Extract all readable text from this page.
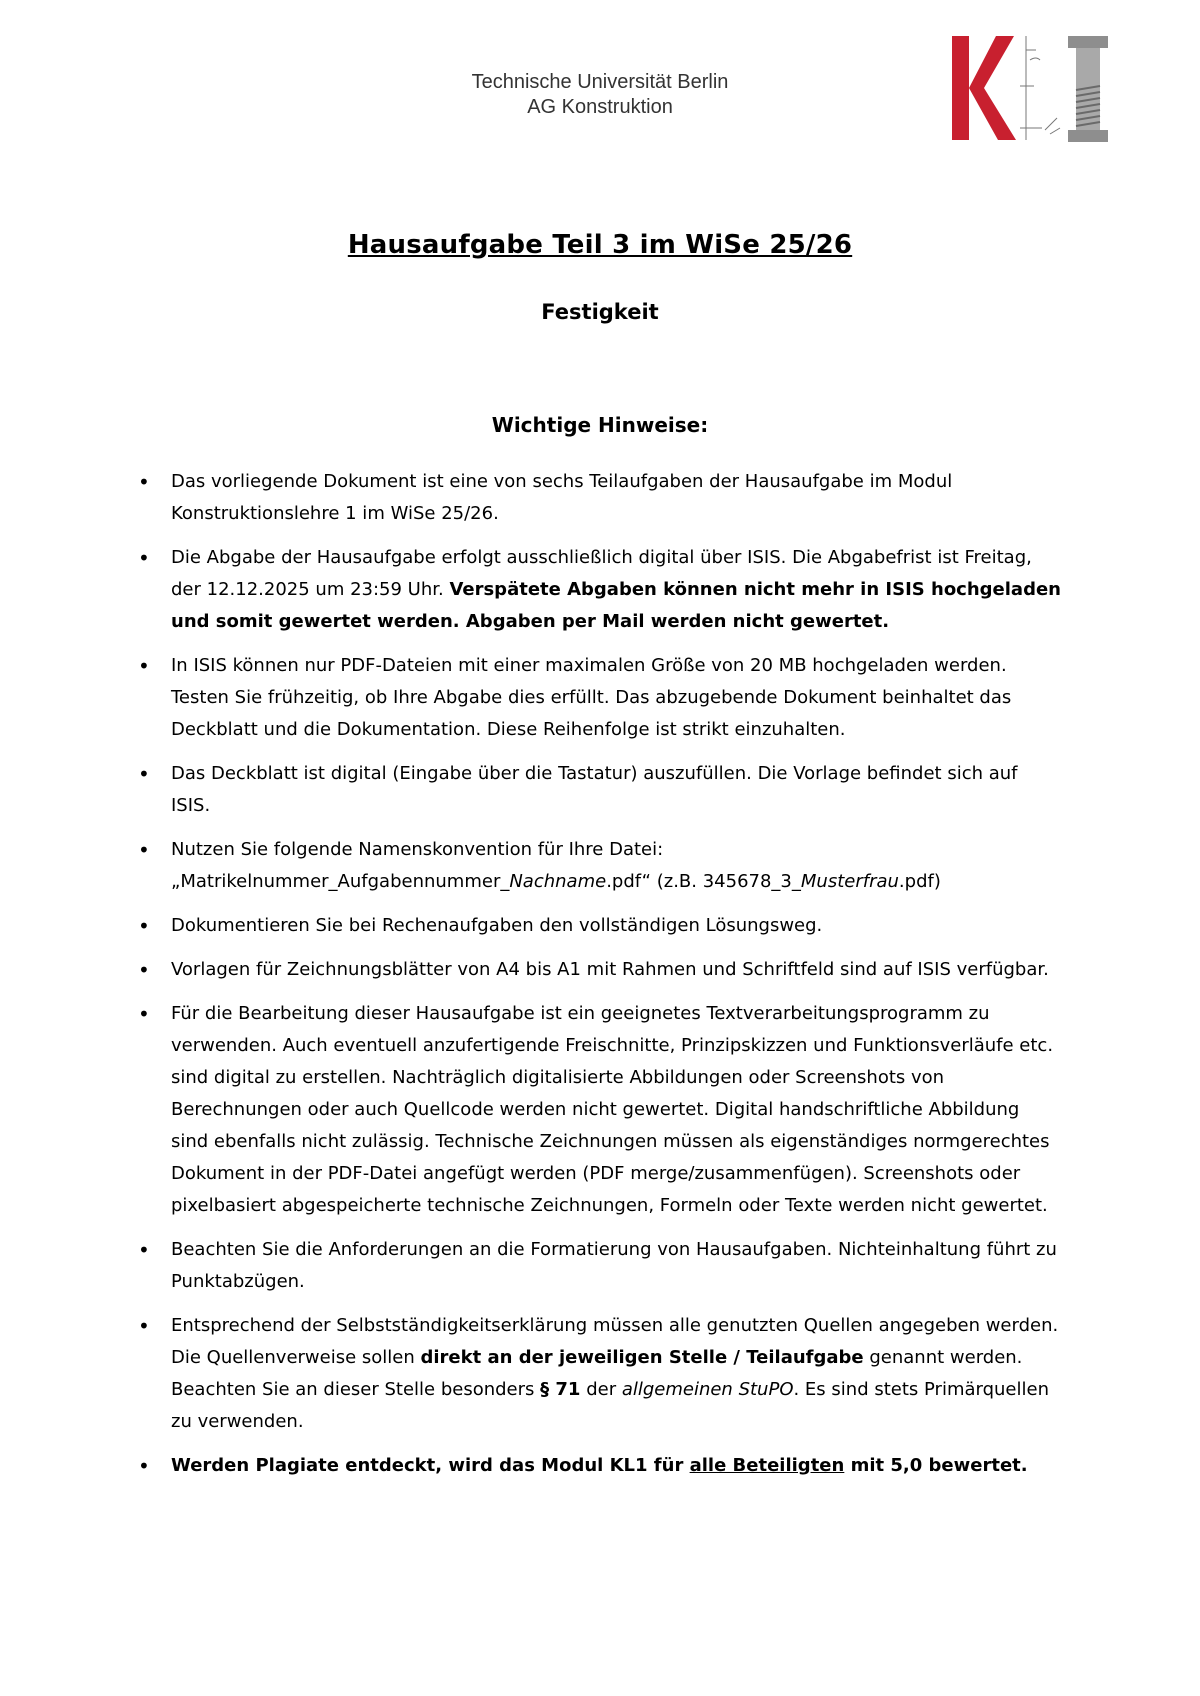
Technische Universität Berlin
AG Konstruktion
Hausaufgabe Teil 3 im WiSe 25/26
Festigkeit
Wichtige Hinweise:
• Das vorliegende Dokument ist eine von sechs Teilaufgaben der Hausaufgabe im Modul Konstruktionslehre 1 im WiSe 25/26.
• Die Abgabe der Hausaufgabe erfolgt ausschließlich digital über ISIS. Die Abgabefrist ist Freitag, der 12.12.2025 um 23:59 Uhr. Verspätete Abgaben können nicht mehr in ISIS hochgeladen und somit gewertet werden. Abgaben per Mail werden nicht gewertet.
• In ISIS können nur PDF-Dateien mit einer maximalen Größe von 20 MB hochgeladen werden. Testen Sie frühzeitig, ob Ihre Abgabe dies erfüllt. Das abzugebende Dokument beinhaltet das Deckblatt und die Dokumentation. Diese Reihenfolge ist strikt einzuhalten.
• Das Deckblatt ist digital (Eingabe über die Tastatur) auszufüllen. Die Vorlage befindet sich auf ISIS.
• Nutzen Sie folgende Namenskonvention für Ihre Datei:
„Matrikelnummer_Aufgabennummer_Nachname.pdf“ (z.B. 345678_3_Musterfrau.pdf)
• Dokumentieren Sie bei Rechenaufgaben den vollständigen Lösungsweg.
• Vorlagen für Zeichnungsblätter von A4 bis A1 mit Rahmen und Schriftfeld sind auf ISIS verfügbar.
• Für die Bearbeitung dieser Hausaufgabe ist ein geeignetes Textverarbeitungsprogramm zu verwenden. Auch eventuell anzufertigende Freischnitte, Prinzipskizzen und Funktionsverläufe etc. sind digital zu erstellen. Nachträglich digitalisierte Abbildungen oder Screenshots von Berechnungen oder auch Quellcode werden nicht gewertet. Digital handschriftliche Abbildung sind ebenfalls nicht zulässig. Technische Zeichnungen müssen als eigenständiges normgerechtes Dokument in der PDF-Datei angefügt werden (PDF merge/zusammenfügen). Screenshots oder pixelbasiert abgespeicherte technische Zeichnungen, Formeln oder Texte werden nicht gewertet.
• Beachten Sie die Anforderungen an die Formatierung von Hausaufgaben. Nichteinhaltung führt zu Punktabzügen.
• Entsprechend der Selbstständigkeitserklärung müssen alle genutzten Quellen angegeben werden. Die Quellenverweise sollen direkt an der jeweiligen Stelle / Teilaufgabe genannt werden. Beachten Sie an dieser Stelle besonders § 71 der allgemeinen StuPO. Es sind stets Primärquellen zu verwenden.
• Werden Plagiate entdeckt, wird das Modul KL1 für alle Beteiligten mit 5,0 bewertet.
